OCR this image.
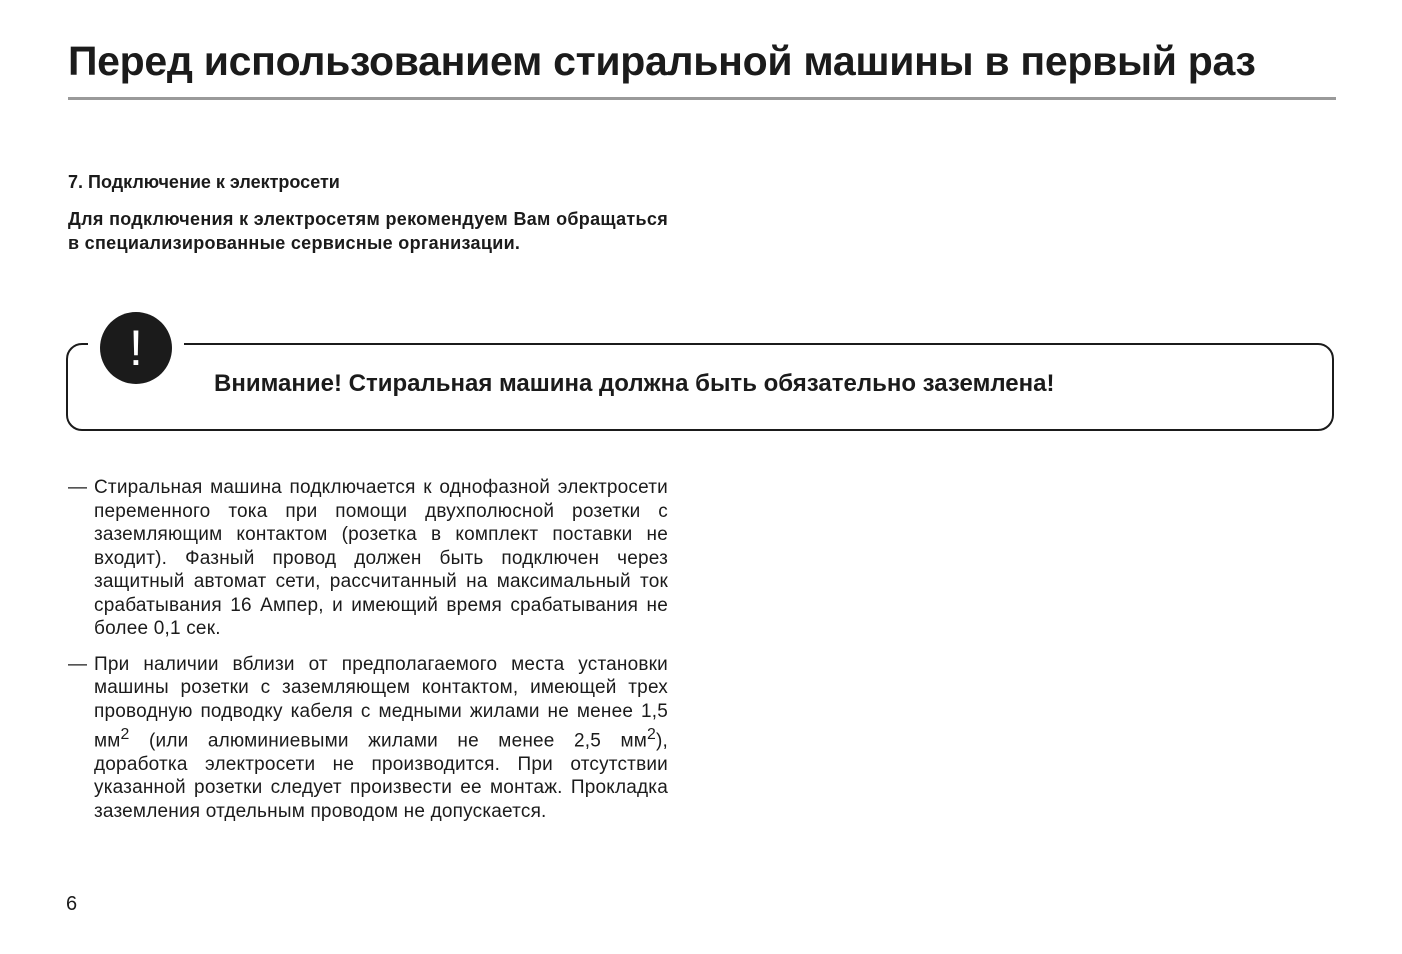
Перед использованием стиральной машины в первый раз
7. Подключение к электросети

Для подключения к электросетям рекомендуем Вам обращаться в специализированные сервисные организации.

!

Внимание! Стиральная машина должна быть обязательно заземлена!

— Стиральная машина подключается к однофазной электросети переменного тока при помощи двухполюсной розетки с заземляющим контактом (розетка в комплект поставки не входит). Фазный провод должен быть подключен через защитный автомат сети, рассчитанный на максимальный ток срабатывания 16 Ампер, и имеющий время срабатывания не более 0,1 сек.

— При наличии вблизи от предполагаемого места установки машины розетки с заземляющем контактом, имеющей трех проводную подводку кабеля с медными жилами не менее 1,5 $мм^2$ (или алюминиевыми жилами не менее 2,5 $мм^2$), доработка электросети не производится. При отсутствии указанной розетки следует произвести ее монтаж. Прокладка заземления отдельным проводом не допускается.

6
